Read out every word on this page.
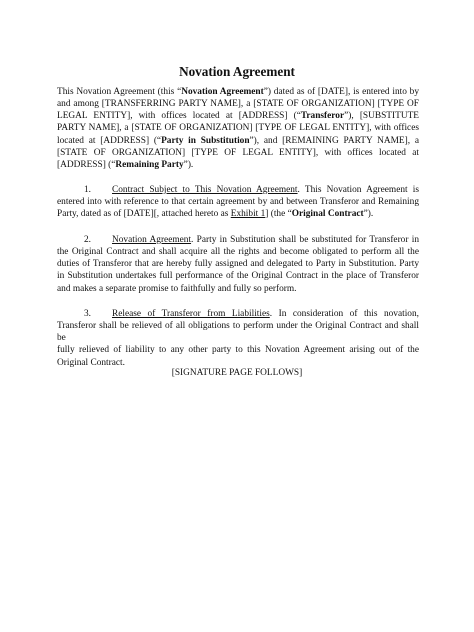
Novation Agreement
This Novation Agreement (this “Novation Agreement”) dated as of [DATE], is entered into by
and among [TRANSFERRING PARTY NAME], a [STATE OF ORGANIZATION] [TYPE OF
LEGAL ENTITY], with offices located at [ADDRESS] (“Transferor”), [SUBSTITUTE
PARTY NAME], a [STATE OF ORGANIZATION] [TYPE OF LEGAL ENTITY], with offices
located at [ADDRESS] (“Party in Substitution”), and [REMAINING PARTY NAME], a
[STATE OF ORGANIZATION] [TYPE OF LEGAL ENTITY], with offices located at
[ADDRESS] (“Remaining Party”).
1. Contract Subject to This Novation Agreement. This Novation Agreement is
entered into with reference to that certain agreement by and between Transferor and Remaining
Party, dated as of [DATE][, attached hereto as Exhibit 1] (the “Original Contract”).
2. Novation Agreement. Party in Substitution shall be substituted for Transferor in
the Original Contract and shall acquire all the rights and become obligated to perform all the
duties of Transferor that are hereby fully assigned and delegated to Party in Substitution. Party
in Substitution undertakes full performance of the Original Contract in the place of Transferor
and makes a separate promise to faithfully and fully so perform.
3. Release of Transferor from Liabilities. In consideration of this novation,
Transferor shall be relieved of all obligations to perform under the Original Contract and shall be
fully relieved of liability to any other party to this Novation Agreement arising out of the
Original Contract.
[SIGNATURE PAGE FOLLOWS]
